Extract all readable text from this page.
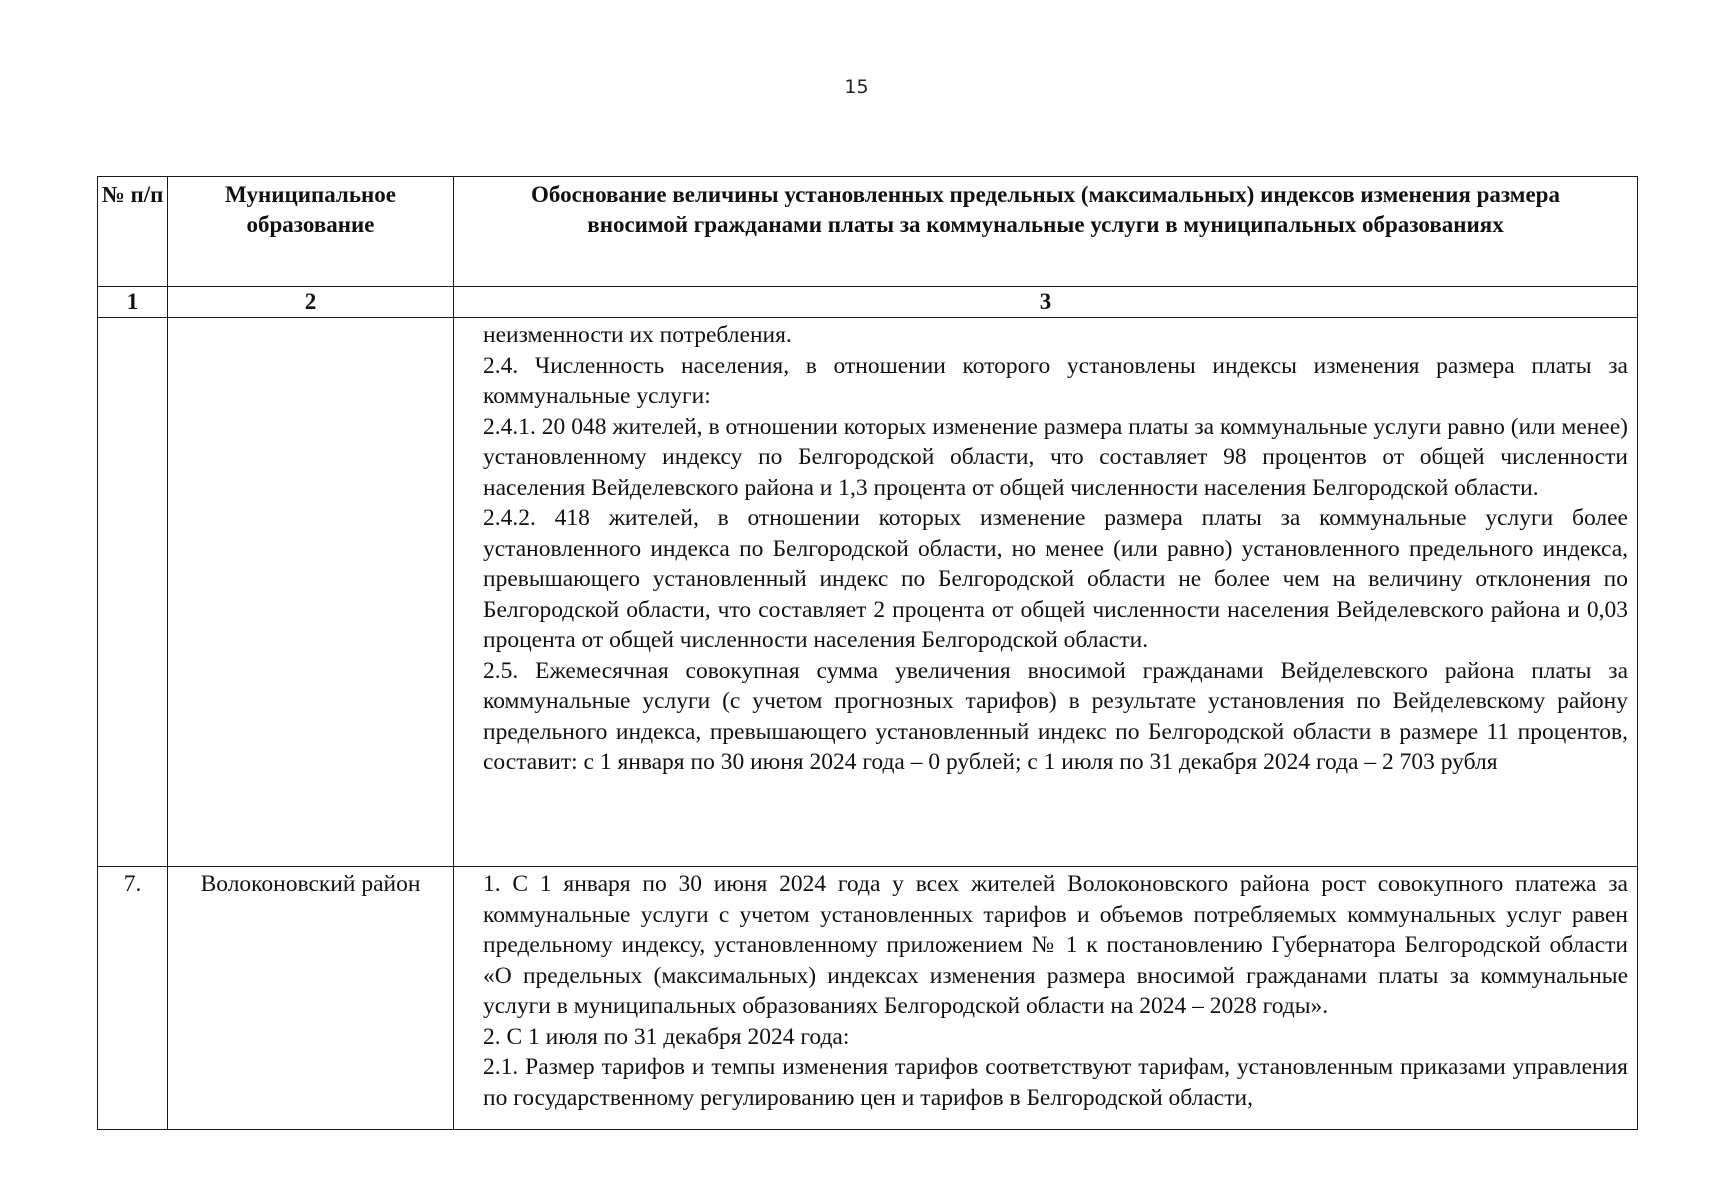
15
№ п/п	Муниципальное образование	Обоснование величины установленных предельных (максимальных) индексов изменения размера вносимой гражданами платы за коммунальные услуги в муниципальных образованиях

1	2	3

		неизменности их потребления.

2.4. Численность населения, в отношении которого установлены индексы изменения размера платы за коммунальные услуги:

2.4.1. 20 048 жителей, в отношении которых изменение размера платы за коммунальные услуги равно (или менее) установленному индексу по Белгородской области, что составляет 98 процентов от общей численности населения Вейделевского района и 1,3 процента от общей численности населения Белгородской области.

2.4.2. 418 жителей, в отношении которых изменение размера платы за коммунальные услуги более установленного индекса по Белгородской области, но менее (или равно) установленного предельного индекса, превышающего установленный индекс по Белгородской области не более чем на величину отклонения по Белгородской области, что составляет 2 процента от общей численности населения Вейделевского района и 0,03 процента от общей численности населения Белгородской области.

2.5. Ежемесячная совокупная сумма увеличения вносимой гражданами Вейделевского района платы за коммунальные услуги (с учетом прогнозных тарифов) в результате установления по Вейделевскому району предельного индекса, превышающего установленный индекс по Белгородской области в размере 11 процентов, составит: с 1 января по 30 июня 2024 года – 0 рублей; с 1 июля по 31 декабря 2024 года – 2 703 рубля

7.	Волоконовский район	1. С 1 января по 30 июня 2024 года у всех жителей Волоконовского района рост совокупного платежа за коммунальные услуги с учетом установленных тарифов и объемов потребляемых коммунальных услуг равен предельному индексу, установленному приложением № 1 к постановлению Губернатора Белгородской области «О предельных (максимальных) индексах изменения размера вносимой гражданами платы за коммунальные услуги в муниципальных образованиях Белгородской области на 2024 – 2028 годы».

2. С 1 июля по 31 декабря 2024 года:

2.1. Размер тарифов и темпы изменения тарифов соответствуют тарифам, установленным приказами управления по государственному регулированию цен и тарифов в Белгородской области,
